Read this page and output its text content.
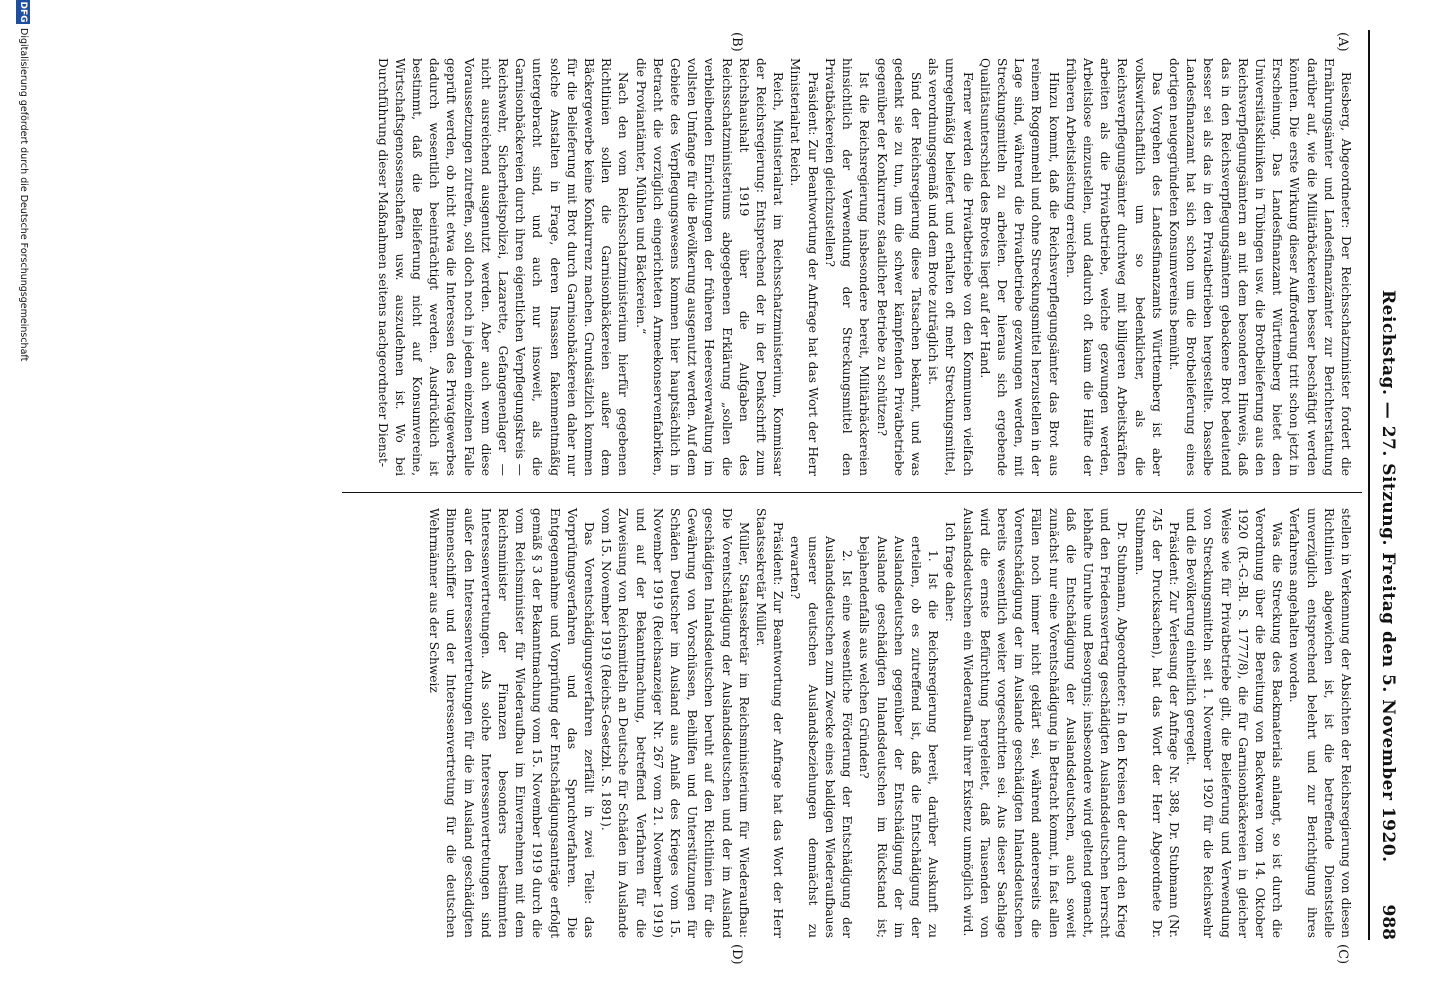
Reichstag. — 27. Sitzung. Freitag den 5. November 1920.
988
(A)
(B)
(C)
(D)

Riesberg, Abgeordneter: Der Reichsschatzminister fordert die Ernährungsämter und Landesfinanzämter zur Berichterstattung darüber auf, wie die Militärbäckereien besser beschäftigt werden könnten. Die erste Wirkung dieser Aufforderung tritt schon jetzt in Erscheinung. Das Landesfinanzamt Württemberg bietet den Universitätskliniken in Tübingen usw. die Brotbelieferung aus den Reichsverpflegungsämtern an mit dem besonderen Hinweis, daß das in den Reichsverpflegungsämtern gebackene Brot bedeutend besser sei als das in den Privatbetrieben hergestellte. Dasselbe Landesfinanzamt hat sich schon um die Brotbelieferung eines dortigen neugegründeten Konsumvereins bemüht.

Das Vorgehen des Landesfinanzamts Württemberg ist aber volkswirtschaftlich um so bedenklicher, als die Reichsverpflegungsämter durchweg mit billigeren Arbeitskräften arbeiten als die Privatbetriebe, welche gezwungen werden, Arbeitslose einzustellen, und dadurch oft kaum die Hälfte der früheren Arbeitsleistung erreichen.

Hinzu kommt, daß die Reichsverpflegungsämter das Brot aus reinem Roggenmehl und ohne Streckungsmittel herzustellen in der Lage sind, während die Privatbetriebe gezwungen werden, mit Streckungsmitteln zu arbeiten. Der hieraus sich ergebende Qualitätsunterschied des Brotes liegt auf der Hand.

Ferner werden die Privatbetriebe von den Kommunen vielfach unregelmäßig beliefert und erhalten oft mehr Streckungsmittel, als verordnungsgemäß und dem Brote zuträglich ist.

Sind der Reichsregierung diese Tatsachen bekannt, und was gedenkt sie zu tun, um die schwer kämpfenden Privatbetriebe gegenüber der Konkurrenz staatlicher Betriebe zu schützen?

Ist die Reichsregierung insbesondere bereit, Militärbäckereien hinsichtlich der Verwendung der Streckungsmittel den Privatbäckereien gleichzustellen?

Präsident: Zur Beantwortung der Anfrage hat das Wort der Herr Ministerialrat Reich.

Reich, Ministerialrat im Reichsschatzministerium, Kommissar der Reichsregierung: Entsprechend der in der Denkschrift zum Reichshaushalt 1919 über die Aufgaben des Reichsschatzministeriums abgegebenen Erklärung „sollen die verbleibenden Einrichtungen der früheren Heeresverwaltung im vollsten Umfange für die Bevölkerung ausgenutzt werden. Auf dem Gebiete des Verpflegungswesens kommen hier hauptsächlich in Betracht die vorzüglich eingerichteten Armeekonservenfabriken, die Proviantämter, Mühlen und Bäckereien.“

Nach den vom Reichsschatzministerium hierfür gegebenen Richtlinien sollen die Garnisonbäckereien außer dem Bäckergewerbe keine Konkurrenz machen. Grundsätzlich kommen für die Belieferung mit Brot durch Garnisonbäckereien daher nur solche Anstalten in Frage, deren Insassen fakenmentmäßig untergebracht sind, und auch nur insoweit, als die Garnisonbäckereien durch ihren eigentlichen Verpflegungskreis — Reichswehr, Sicherheitspolizei, Lazarette, Gefangenenlager — nicht ausreichend ausgenutzt werden. Aber auch wenn diese Voraussetzungen zutreffen, soll doch noch in jedem einzelnen Falle geprüft werden, ob nicht etwa die Interessen des Privatgewerbes dadurch wesentlich beeinträchtigt werden. Ausdrücklich ist bestimmt, daß die Belieferung nicht auf Konsumvereine, Wirtschaftsgenossenschaften usw. auszudehnen ist. Wo bei Durchführung dieser Maßnahmen seitens nachgeordneter Dienst-

stellen in Verkennung der Absichten der Reichsregierung von diesen Richtlinien abgewichen ist, ist die betreffende Dienststelle unverzüglich entsprechend belehrt und zur Berichtigung ihres Verfahrens angehalten worden.

Was die Streckung des Backmaterials anlangt, so ist durch die Verordnung über die Bereitung von Backwaren vom 14. Oktober 1920 (R.-G.-Bl. S. 1777/8), die für Garnisonbäckereien in gleicher Weise wie für Privatbetriebe gilt, die Belieferung und Verwendung von Streckungsmitteln seit 1. November 1920 für die Reichswehr und die Bevölkerung einheitlich geregelt.

Präsident: Zur Verlesung der Anfrage Nr. 388, Dr. Stubmann (Nr. 745 der Drucksachen), hat das Wort der Herr Abgeordnete Dr. Stubmann.

Dr. Stubmann, Abgeordneter: In den Kreisen der durch den Krieg und den Friedensvertrag geschädigten Auslandsdeutschen herrscht lebhafte Unruhe und Besorgnis; insbesondere wird geltend gemacht, daß die Entschädigung der Auslandsdeutschen, auch soweit zunächst nur eine Vorentschädigung in Betracht kommt, in fast allen Fällen noch immer nicht geklärt sei, während andererseits die Vorentschädigung der im Auslande geschädigten Inlandsdeutschen bereits wesentlich weiter vorgeschritten sei. Aus dieser Sachlage wird die ernste Befürchtung hergeleitet, daß Tausenden von Auslandsdeutschen ein Wiederaufbau ihrer Existenz unmöglich wird.

Ich frage daher:

1. Ist die Reichsregierung bereit, darüber Auskunft zu erteilen, ob es zutreffend ist, daß die Entschädigung der Auslandsdeutschen gegenüber der Entschädigung der im Auslande geschädigten Inlandsdeutschen im Rückstand ist; bejahendenfalls aus welchen Gründen?

2. Ist eine wesentliche Förderung der Entschädigung der Auslandsdeutschen zum Zwecke eines baldigen Wiederaufbaues unserer deutschen Auslandsbeziehungen demnächst zu erwarten?

Präsident: Zur Beantwortung der Anfrage hat das Wort der Herr Staatssekretär Müller.

Müller, Staatssekretär im Reichsministerium für Wiederaufbau: Die Vorentschädigung der Auslandsdeutschen und der im Ausland geschädigten Inlandsdeutschen beruht auf den Richtlinien für die Gewährung von Vorschüssen, Beihilfen und Unterstützungen für Schäden Deutscher im Ausland aus Anlaß des Krieges vom 15. November 1919 (Reichsanzeiger Nr. 267 vom 21. November 1919) und auf der Bekanntmachung, betreffend Verfahren für die Zuweisung von Reichsmitteln an Deutsche für Schäden im Auslande vom 15. November 1919 (Reichs-Gesetzbl. S. 1891).

Das Vorentschädigungsverfahren zerfällt in zwei Teile: das Vorprüfungsverfahren und das Spruchverfahren. Die Entgegennahme und Vorprüfung der Entschädigungsanträge erfolgt gemäß § 3 der Bekanntmachung vom 15. November 1919 durch die vom Reichsminister für Wiederaufbau im Einvernehmen mit dem Reichsminister der Finanzen besonders bestimmten Interessenvertretungen. Als solche Interessenvertretungen sind außer den Interessenvertretungen für die im Ausland geschädigten Binnenschiffer und der Interessenvertretung für die deutschen Wehrmänner aus der Schweiz

DFG
Digitalisierung gefördert durch die Deutsche Forschungsgemeinschaft
